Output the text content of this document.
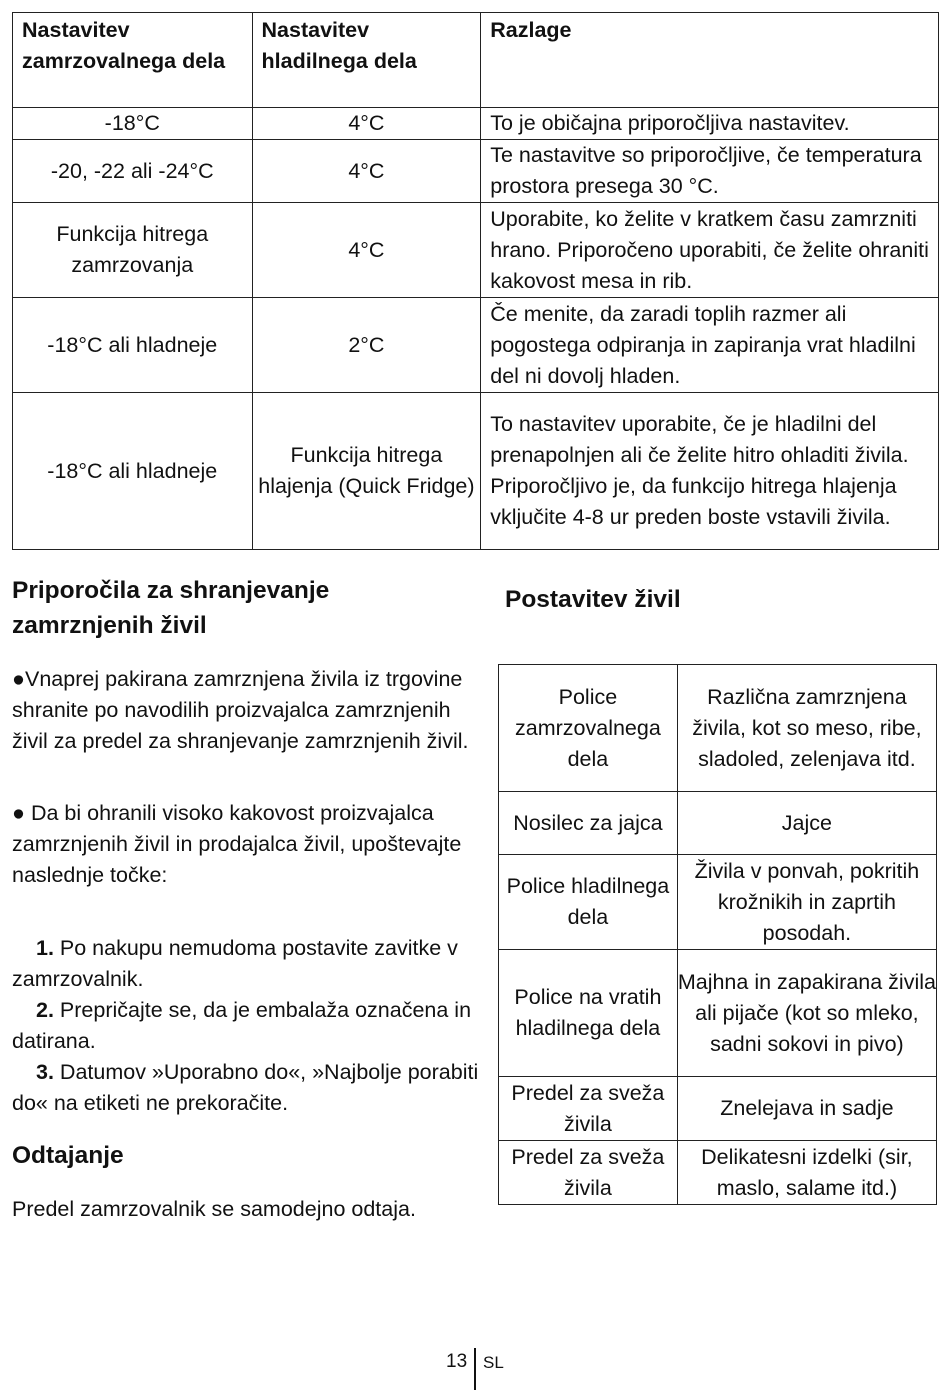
Nastavitev zamrzovalnega dela	Nastavitev hladilnega dela	Razlage
-18°C	4°C	To je običajna priporočljiva nastavitev.
-20, -22 ali -24°C	4°C	Te nastavitve so priporočljive, če temperatura prostora presega 30 °C.
Funkcija hitrega zamrzovanja	4°C	Uporabite, ko želite v kratkem času zamrzniti hrano. Priporočeno uporabiti, če želite ohraniti kakovost mesa in rib.
-18°C ali hladneje	2°C	Če menite, da zaradi toplih razmer ali pogostega odpiranja in zapiranja vrat hladilni del ni dovolj hladen.
-18°C ali hladneje	Funkcija hitrega hlajenja (Quick Fridge)	To nastavitev uporabite, če je hladilni del prenapolnjen ali če želite hitro ohladiti živila. Priporočljivo je, da funkcijo hitrega hlajenja vključite 4-8 ur preden boste vstavili živila.
Priporočila za shranjevanje zamrznjenih živil

●Vnaprej pakirana zamrznjena živila iz trgovine shranite po navodilih proizvajalca zamrznjenih živil za predel za shranjevanje zamrznjenih živil.

● Da bi ohranili visoko kakovost proizvajalca zamrznjenih živil in prodajalca živil, upoštevajte naslednje točke:

1. Po nakupu nemudoma postavite zavitke v zamrzovalnik.

2. Prepričajte se, da je embalaža označena in datirana.

3. Datumov »Uporabno do«, »Najbolje porabiti do« na etiketi ne prekoračite.

Odtajanje

Predel zamrzovalnik se samodejno odtaja.

Postavitev živil
Police zamrzovalnega dela	Različna zamrznjena živila, kot so meso, ribe, sladoled, zelenjava itd.
Nosilec za jajca	Jajce
Police hladilnega dela	Živila v ponvah, pokritih krožnikih in zaprtih posodah.
Police na vratih hladilnega dela	Majhna in zapakirana živila ali pijače (kot so mleko, sadni sokovi in pivo)
Predel za sveža živila	Znelejava in sadje
Predel za sveža živila	Delikatesni izdelki (sir, maslo, salame itd.)
13 SL
